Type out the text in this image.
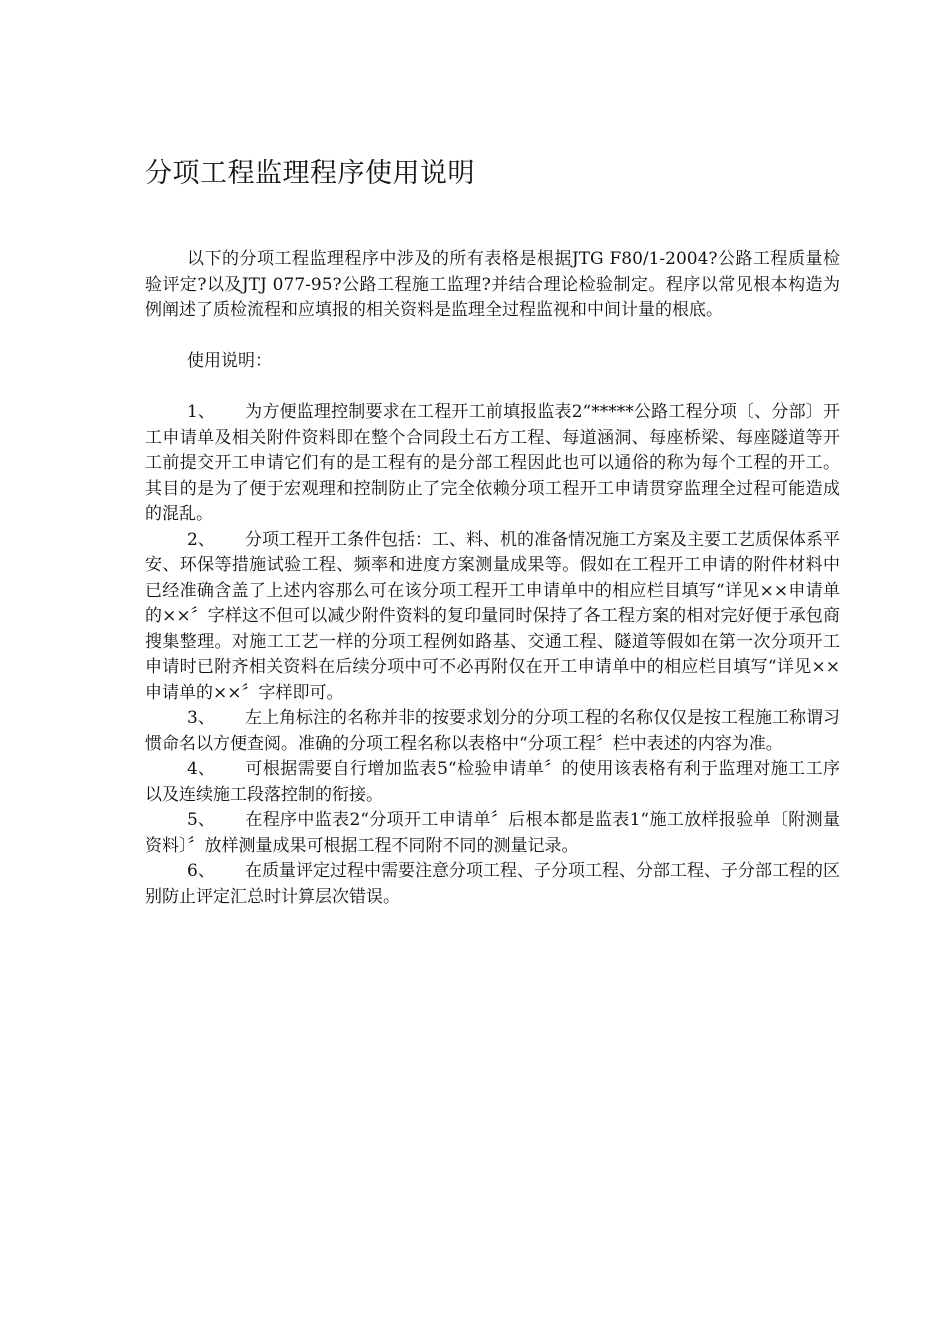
分项工程监理程序使用说明

以下的分项工程监理程序中涉及的所有表格是根据JTG F80/1-2004?公路工程质量检验评定?以及JTJ 077-95?公路工程施工监理?并结合理论检验制定。程序以常见根本构造为例阐述了质检流程和应填报的相关资料是监理全过程监视和中间计量的根底。

使用说明：

1、 为方便监理控制要求在工程开工前填报监表2“*****公路工程分项〔、分部〕开工申请单及相关附件资料即在整个合同段土石方工程、每道涵洞、每座桥梁、每座隧道等开工前提交开工申请它们有的是工程有的是分部工程因此也可以通俗的称为每个工程的开工。其目的是为了便于宏观理和控制防止了完全依赖分项工程开工申请贯穿监理全过程可能造成的混乱。

2、 分项工程开工条件包括：工、料、机的准备情况施工方案及主要工艺质保体系平安、环保等措施试验工程、频率和进度方案测量成果等。假如在工程开工申请的附件材料中已经准确含盖了上述内容那么可在该分项工程开工申请单中的相应栏目填写“详见××申请单的××〞字样这不但可以减少附件资料的复印量同时保持了各工程方案的相对完好便于承包商搜集整理。对施工工艺一样的分项工程例如路基、交通工程、隧道等假如在第一次分项开工申请时已附齐相关资料在后续分项中可不必再附仅在开工申请单中的相应栏目填写“详见××申请单的××〞字样即可。

3、 左上角标注的名称并非的按要求划分的分项工程的名称仅仅是按工程施工称谓习惯命名以方便查阅。准确的分项工程名称以表格中“分项工程〞栏中表述的内容为准。

4、 可根据需要自行增加监表5“检验申请单〞的使用该表格有利于监理对施工工序以及连续施工段落控制的衔接。

5、 在程序中监表2“分项开工申请单〞后根本都是监表1“施工放样报验单〔附测量资料〕〞放样测量成果可根据工程不同附不同的测量记录。

6、 在质量评定过程中需要注意分项工程、子分项工程、分部工程、子分部工程的区别防止评定汇总时计算层次错误。
